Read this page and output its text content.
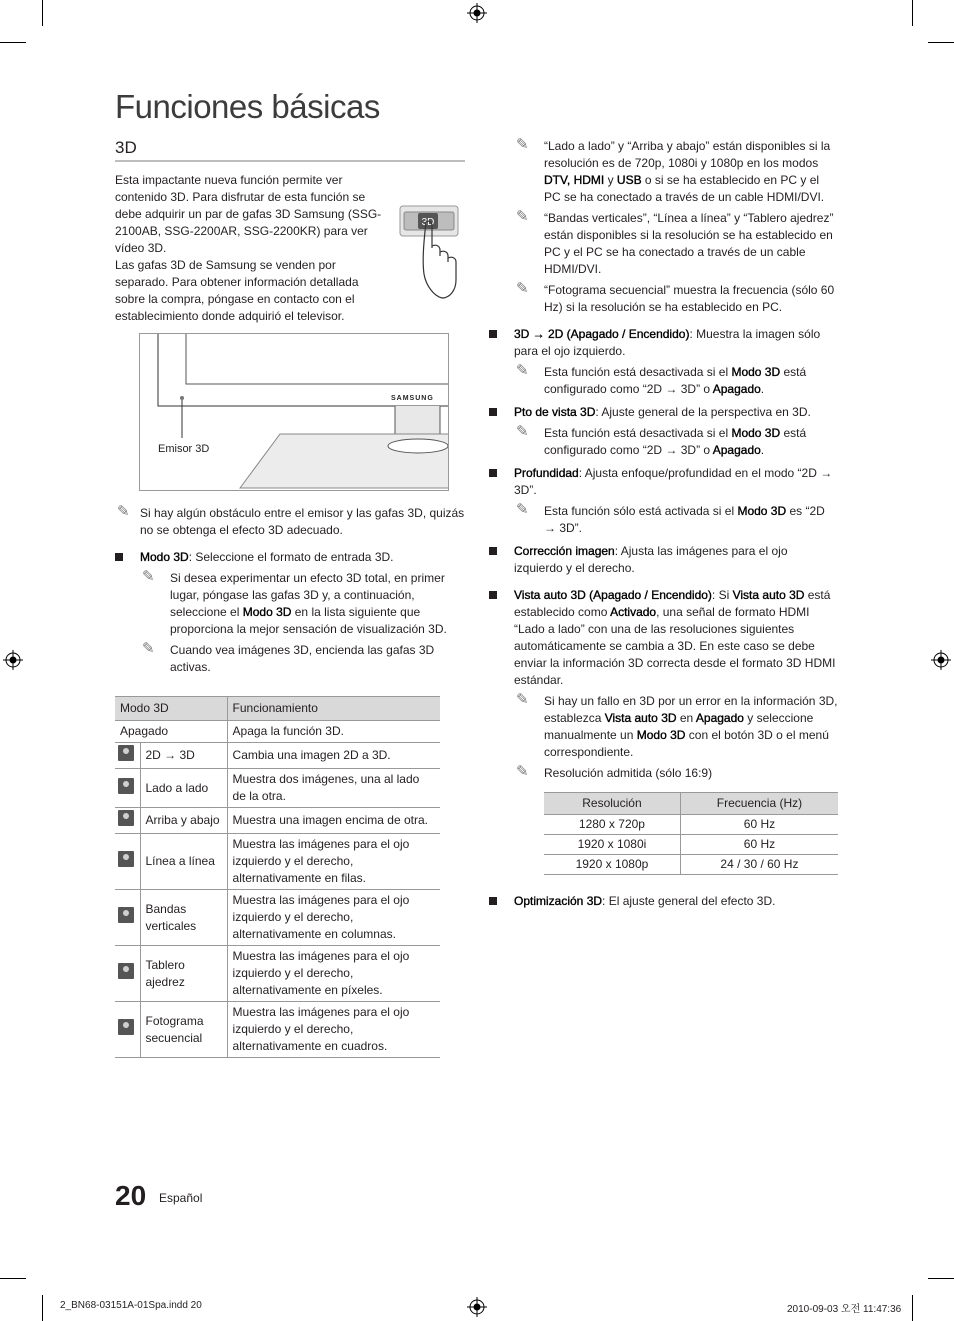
Funciones básicas
3D

Esta impactante nueva función permite ver contenido 3D. Para disfrutar de esta función se debe adquirir un par de gafas 3D Samsung (SSG-2100AB, SSG-2200AR, SSG-2200KR) para ver vídeo 3D.

Las gafas 3D de Samsung se venden por separado. Para obtener información detallada sobre la compra, póngase en contacto con el establecimiento donde adquirió el televisor.

3D
SAMSUNG
Emisor 3D
✎ Si hay algún obstáculo entre el emisor y las gafas 3D, quizás no se obtenga el efecto 3D adecuado.
Modo 3D: Seleccione el formato de entrada 3D.
✎ Si desea experimentar un efecto 3D total, en primer lugar, póngase las gafas 3D y, a continuación, seleccione el Modo 3D en la lista siguiente que proporciona la mejor sensación de visualización 3D.
✎ Cuando vea imágenes 3D, encienda las gafas 3D activas.
Modo 3D		Funcionamiento
Apagado		Apaga la función 3D.
	2D → 3D	Cambia una imagen 2D a 3D.
	Lado a lado	Muestra dos imágenes, una al lado de la otra.
	Arriba y abajo	Muestra una imagen encima de otra.
	Línea a línea	Muestra las imágenes para el ojo izquierdo y el derecho, alternativamente en filas.
	Bandas verticales	Muestra las imágenes para el ojo izquierdo y el derecho, alternativamente en columnas.
	Tablero ajedrez	Muestra las imágenes para el ojo izquierdo y el derecho, alternativamente en píxeles.
	Fotograma secuencial	Muestra las imágenes para el ojo izquierdo y el derecho, alternativamente en cuadros.
✎ “Lado a lado” y “Arriba y abajo” están disponibles si la resolución es de 720p, 1080i y 1080p en los modos DTV, HDMI y USB o si se ha establecido en PC y el PC se ha conectado a través de un cable HDMI/DVI.
✎ “Bandas verticales”, “Línea a línea” y “Tablero ajedrez” están disponibles si la resolución se ha establecido en PC y el PC se ha conectado a través de un cable HDMI/DVI.
✎ “Fotograma secuencial” muestra la frecuencia (sólo 60 Hz) si la resolución se ha establecido en PC.
3D → 2D (Apagado / Encendido): Muestra la imagen sólo para el ojo izquierdo.
✎ Esta función está desactivada si el Modo 3D está configurado como “2D → 3D” o Apagado.
Pto de vista 3D: Ajuste general de la perspectiva en 3D.
✎ Esta función está desactivada si el Modo 3D está configurado como “2D → 3D” o Apagado.
Profundidad: Ajusta enfoque/profundidad en el modo “2D → 3D”.
✎ Esta función sólo está activada si el Modo 3D es “2D → 3D”.
Corrección imagen: Ajusta las imágenes para el ojo izquierdo y el derecho.
Vista auto 3D (Apagado / Encendido): Si Vista auto 3D está establecido como Activado, una señal de formato HDMI “Lado a lado” con una de las resoluciones siguientes automáticamente se cambia a 3D. En este caso se debe enviar la información 3D correcta desde el formato 3D HDMI estándar.
✎ Si hay un fallo en 3D por un error en la información 3D, establezca Vista auto 3D en Apagado y seleccione manualmente un Modo 3D con el botón 3D o el menú correspondiente.
✎ Resolución admitida (sólo 16:9)
Resolución	Frecuencia (Hz)
1280 x 720p	60 Hz
1920 x 1080i	60 Hz
1920 x 1080p	24 / 30 / 60 Hz
Optimización 3D: El ajuste general del efecto 3D.
20 Español
2_BN68-03151A-01Spa.indd 20	2010-09-03 오전 11:47:36
